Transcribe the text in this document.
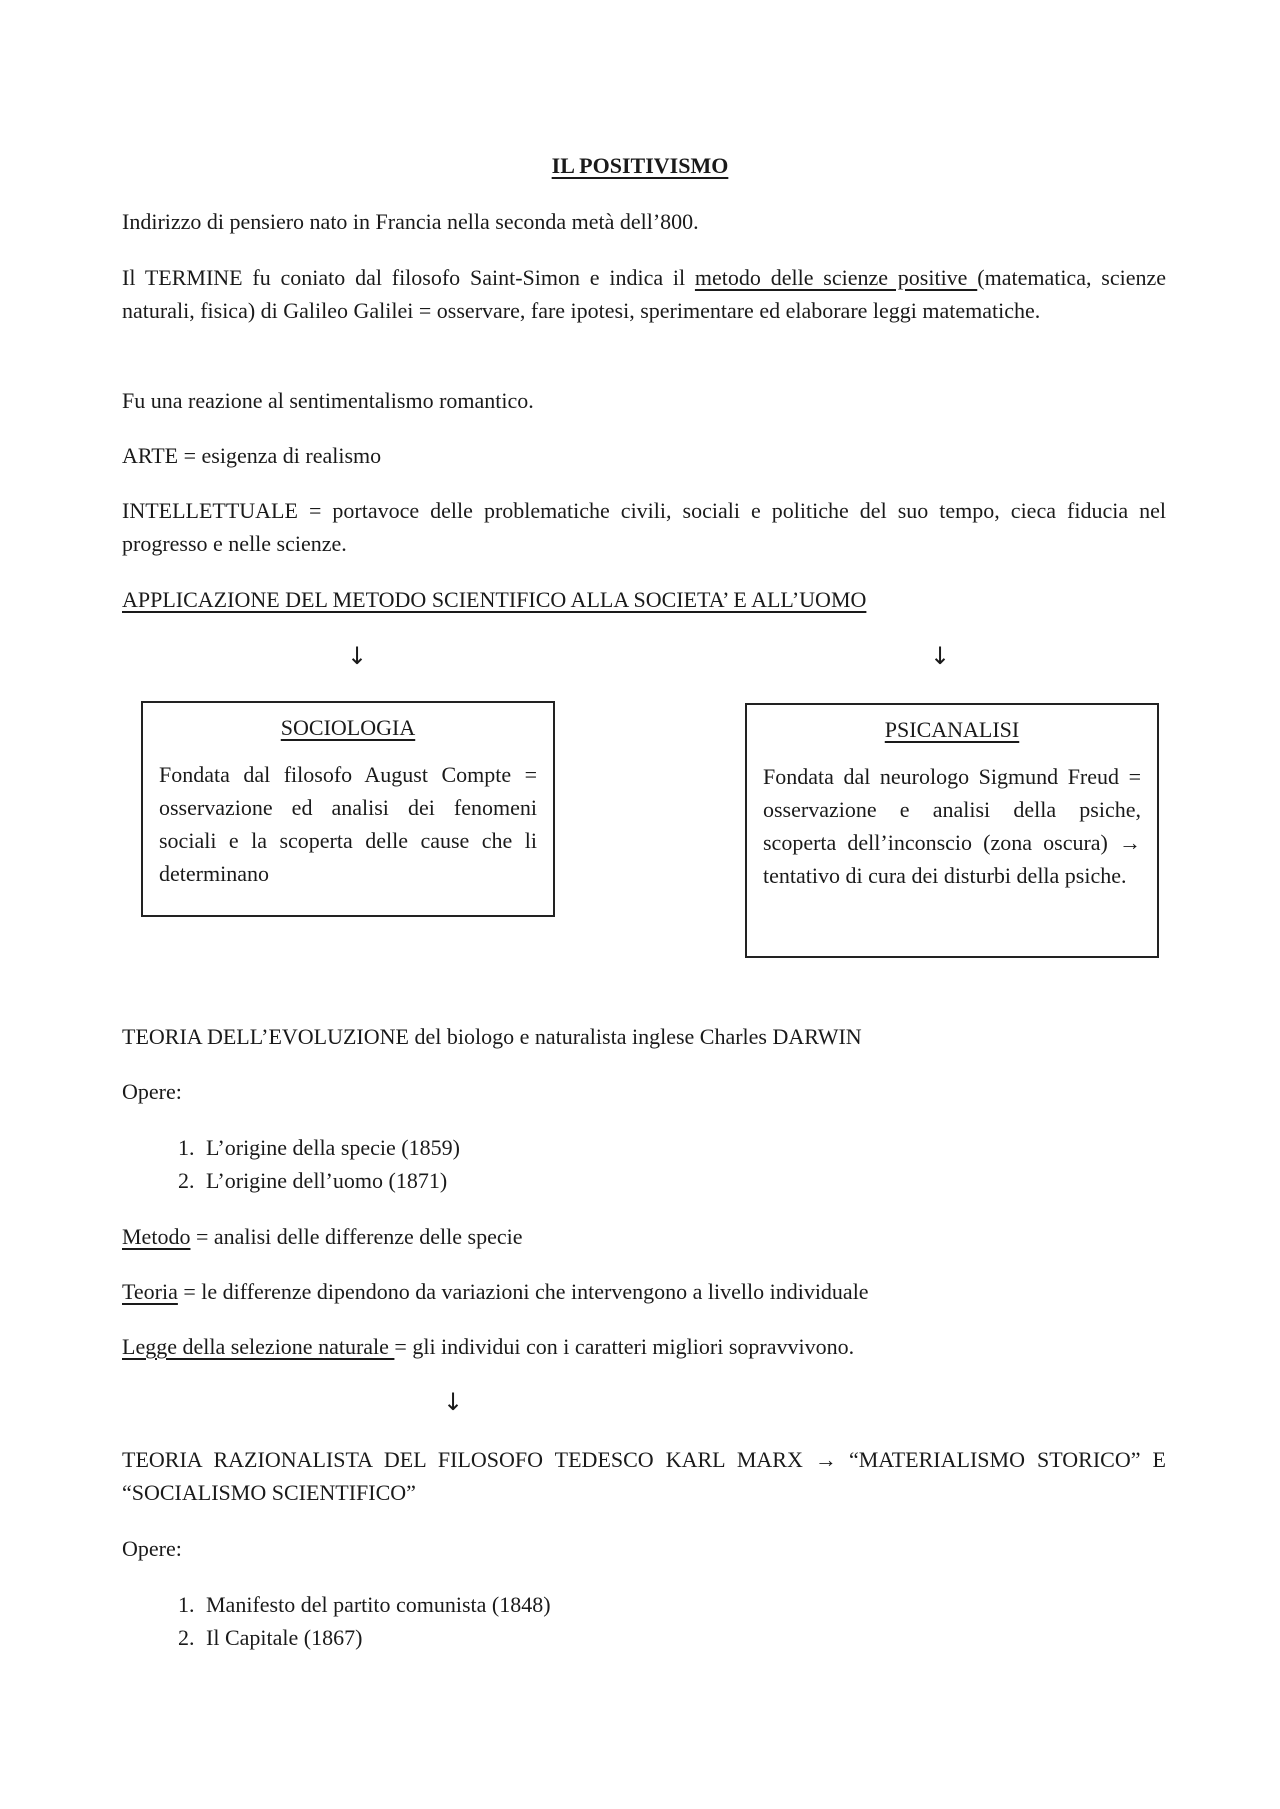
IL POSITIVISMO

Indirizzo di pensiero nato in Francia nella seconda metà dell’800.

Il TERMINE fu coniato dal filosofo Saint-Simon e indica il metodo delle scienze positive (matematica, scienze naturali, fisica) di Galileo Galilei = osservare, fare ipotesi, sperimentare ed elaborare leggi matematiche.

Fu una reazione al sentimentalismo romantico.

ARTE = esigenza di realismo

INTELLETTUALE = portavoce delle problematiche civili, sociali e politiche del suo tempo, cieca fiducia nel progresso e nelle scienze.

APPLICAZIONE DEL METODO SCIENTIFICO ALLA SOCIETA’ E ALL’UOMO

↓	↓

SOCIOLOGIA

Fondata dal filosofo August Compte = osservazione ed analisi dei fenomeni sociali e la scoperta delle cause che li determinano

PSICANALISI

Fondata dal neurologo Sigmund Freud = osservazione e analisi della psiche, scoperta dell’inconscio (zona oscura) → tentativo di cura dei disturbi della psiche.

TEORIA DELL’EVOLUZIONE del biologo e naturalista inglese Charles DARWIN

Opere:

1. L’origine della specie (1859)
2. L’origine dell’uomo (1871)

Metodo = analisi delle differenze delle specie

Teoria = le differenze dipendono da variazioni che intervengono a livello individuale

Legge della selezione naturale = gli individui con i caratteri migliori sopravvivono.

↓

TEORIA RAZIONALISTA DEL FILOSOFO TEDESCO KARL MARX → “MATERIALISMO STORICO” E “SOCIALISMO SCIENTIFICO”

Opere:

1. Manifesto del partito comunista (1848)
2. Il Capitale (1867)
